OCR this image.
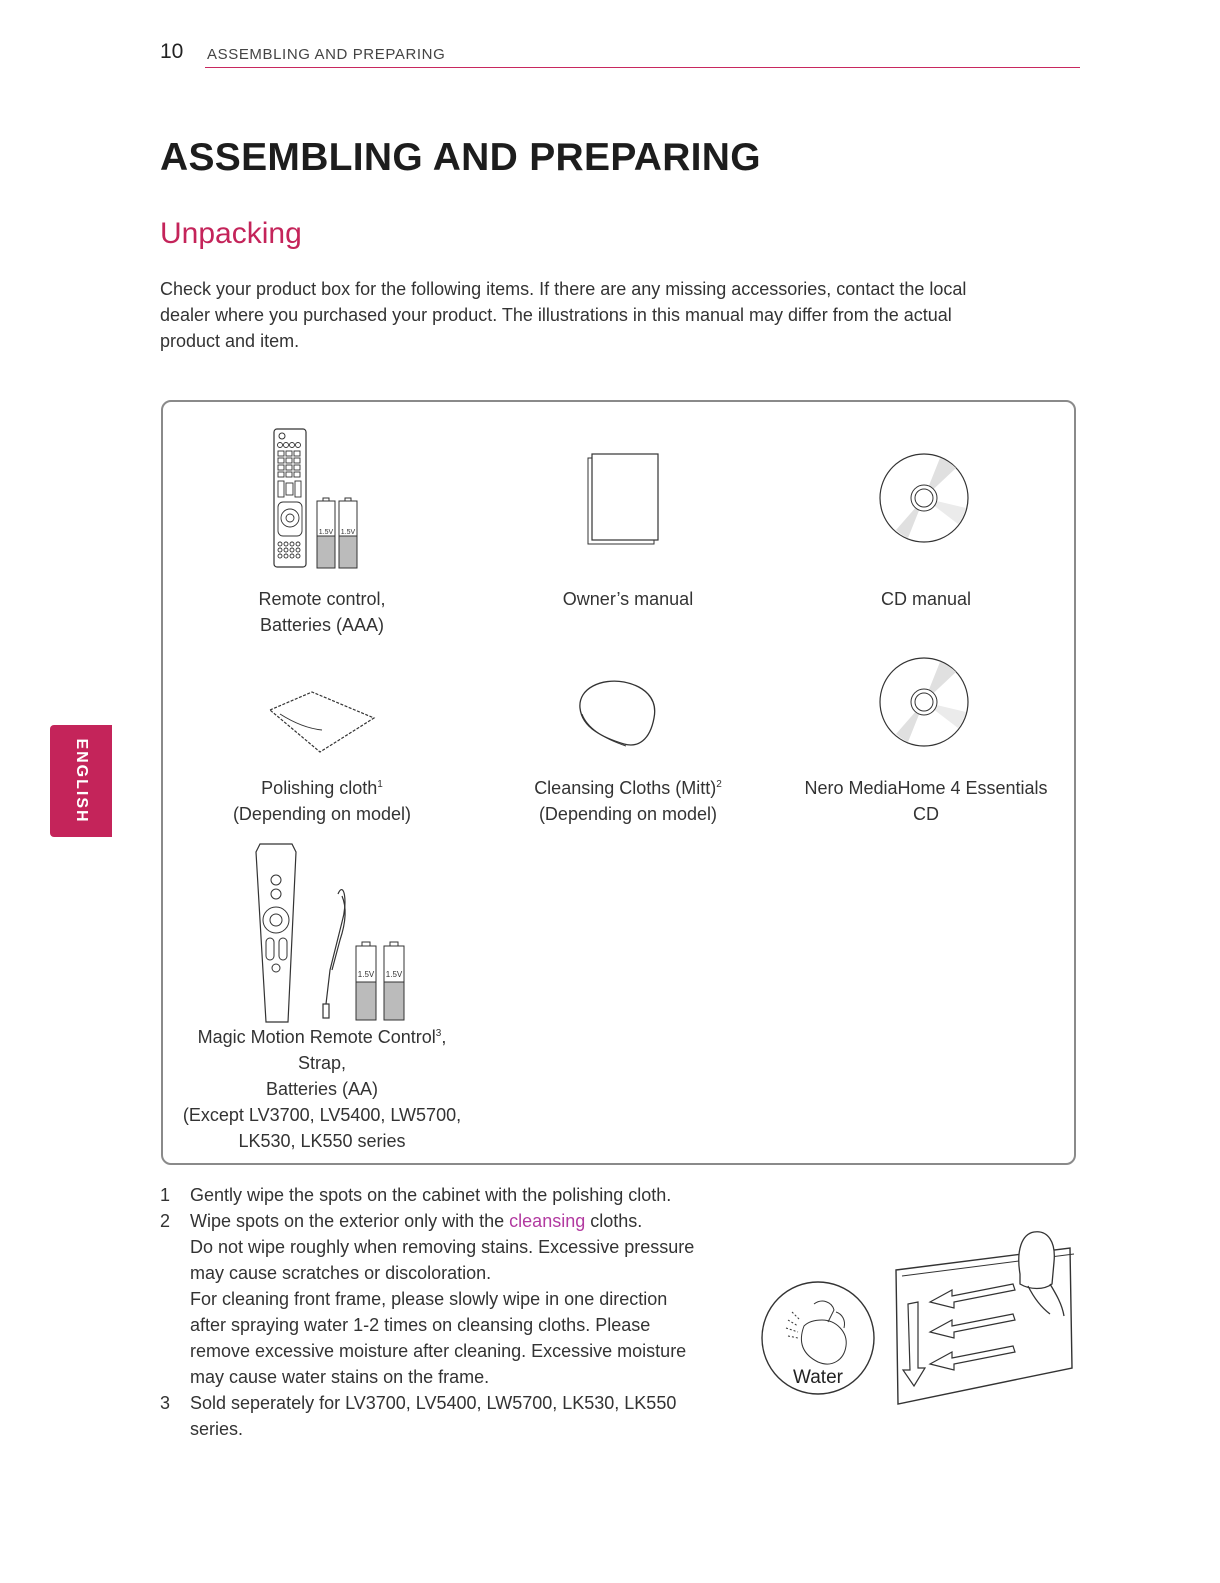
10 ASSEMBLING AND PREPARING
ENGLISH
ASSEMBLING AND PREPARING
Unpacking

Check your product box for the following items. If there are any missing accessories, contact the local

dealer where you purchased your product. The illustrations in this manual may differ from the actual

product and item.

1.5V 1.5V
Remote control,
Batteries (AAA)
Owner’s manual	CD manual
Polishing cloth$^1$
(Depending on model)
Cleansing Cloths (Mitt)$^2$
(Depending on model)
Nero MediaHome 4 Essentials
CD
1.5V 1.5V
Magic Motion Remote Control$^3$,
Strap,
Batteries (AA)
(Except LV3700, LV5400, LW5700,
LK530, LK550 series
1	Gently wipe the spots on the cabinet with the polishing cloth.
2	Wipe spots on the exterior only with the cleansing cloths.
Do not wipe roughly when removing stains. Excessive pressure
may cause scratches or discoloration.
For cleaning front frame, please slowly wipe in one direction
after spraying water 1-2 times on cleansing cloths. Please
remove excessive moisture after cleaning. Excessive moisture
may cause water stains on the frame.
3	Sold seperately for LV3700, LV5400, LW5700, LK530, LK550
series.
Water
